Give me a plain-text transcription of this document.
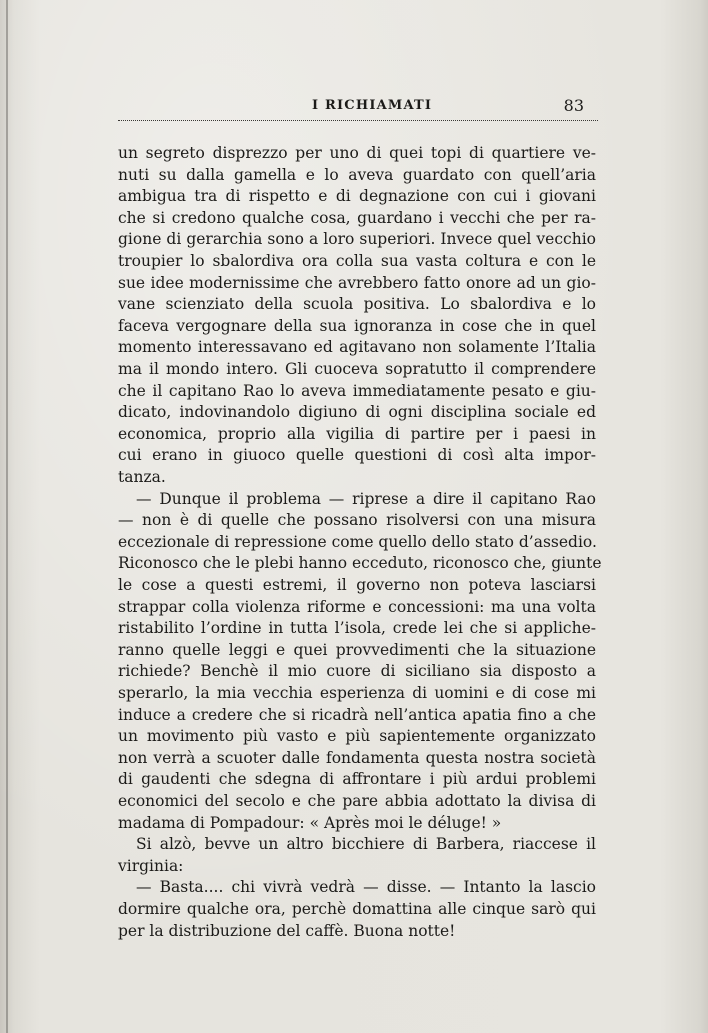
I RICHIAMATI	83
un segreto disprezzo per uno di quei topi di quartiere ve-
nuti su dalla gamella e lo aveva guardato con quell’aria
ambigua tra di rispetto e di degnazione con cui i giovani
che si credono qualche cosa, guardano i vecchi che per ra-
gione di gerarchia sono a loro superiori. Invece quel vecchio
troupier lo sbalordiva ora colla sua vasta coltura e con le
sue idee modernissime che avrebbero fatto onore ad un gio-
vane scienziato della scuola positiva. Lo sbalordiva e lo
faceva vergognare della sua ignoranza in cose che in quel
momento interessavano ed agitavano non solamente l’Italia
ma il mondo intero. Gli cuoceva sopratutto il comprendere
che il capitano Rao lo aveva immediatamente pesato e giu-
dicato, indovinandolo digiuno di ogni disciplina sociale ed
economica, proprio alla vigilia di partire per i paesi in
cui erano in giuoco quelle questioni di così alta impor-
tanza.
— Dunque il problema — riprese a dire il capitano Rao
— non è di quelle che possano risolversi con una misura
eccezionale di repressione come quello dello stato d’assedio.
Riconosco che le plebi hanno ecceduto, riconosco che, giunte
le cose a questi estremi, il governo non poteva lasciarsi
strappar colla violenza riforme e concessioni: ma una volta
ristabilito l’ordine in tutta l’isola, crede lei che si appliche-
ranno quelle leggi e quei provvedimenti che la situazione
richiede? Benchè il mio cuore di siciliano sia disposto a
sperarlo, la mia vecchia esperienza di uomini e di cose mi
induce a credere che si ricadrà nell’antica apatia fino a che
un movimento più vasto e più sapientemente organizzato
non verrà a scuoter dalle fondamenta questa nostra società
di gaudenti che sdegna di affrontare i più ardui problemi
economici del secolo e che pare abbia adottato la divisa di
madama di Pompadour: « Après moi le déluge! »
Si alzò, bevve un altro bicchiere di Barbera, riaccese il
virginia:
— Basta.... chi vivrà vedrà — disse. — Intanto la lascio
dormire qualche ora, perchè domattina alle cinque sarò qui
per la distribuzione del caffè. Buona notte!
